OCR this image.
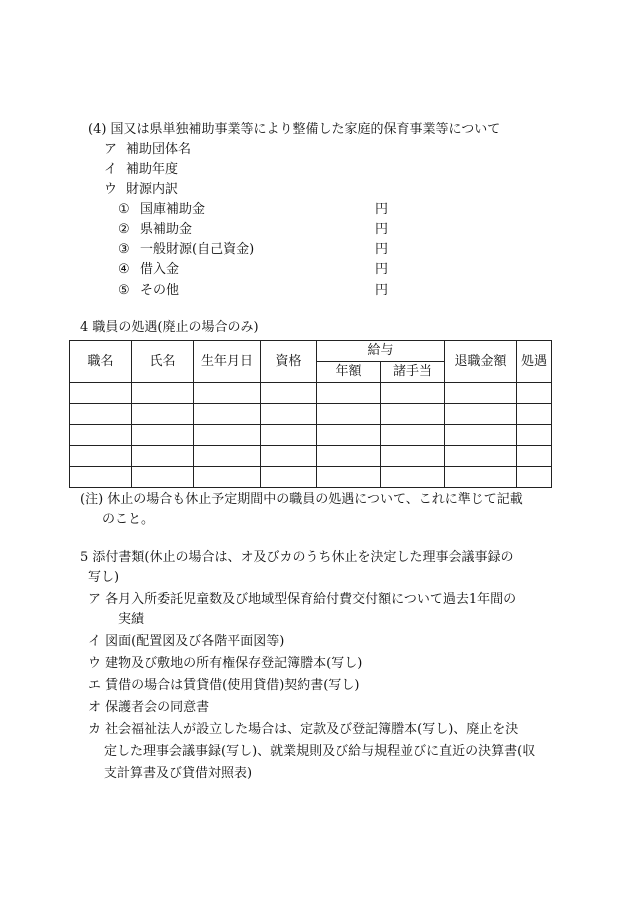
(4) 国又は県単独補助事業等により整備した家庭的保育事業等について
ア 補助団体名
イ 補助年度
ウ 財源内訳
① 国庫補助金	円
② 県補助金	円
③ 一般財源(自己資金)	円
④ 借入金	円
⑤ その他	円
4 職員の処遇(廃止の場合のみ)
職名	氏名	生年月日	資格	給与		退職金額	処遇
				年額	諸手当		

(注) 休止の場合も休止予定期間中の職員の処遇について、これに準じて記載
のこと。
5 添付書類(休止の場合は、オ及びカのうち休止を決定した理事会議事録の
写し)
ア 各月入所委託児童数及び地域型保育給付費交付額について過去1年間の
実績
イ 図面(配置図及び各階平面図等)
ウ 建物及び敷地の所有権保存登記簿謄本(写し)
エ 賃借の場合は賃貸借(使用貸借)契約書(写し)
オ 保護者会の同意書
カ 社会福祉法人が設立した場合は、定款及び登記簿謄本(写し)、廃止を決
定した理事会議事録(写し)、就業規則及び給与規程並びに直近の決算書(収
支計算書及び貸借対照表)
